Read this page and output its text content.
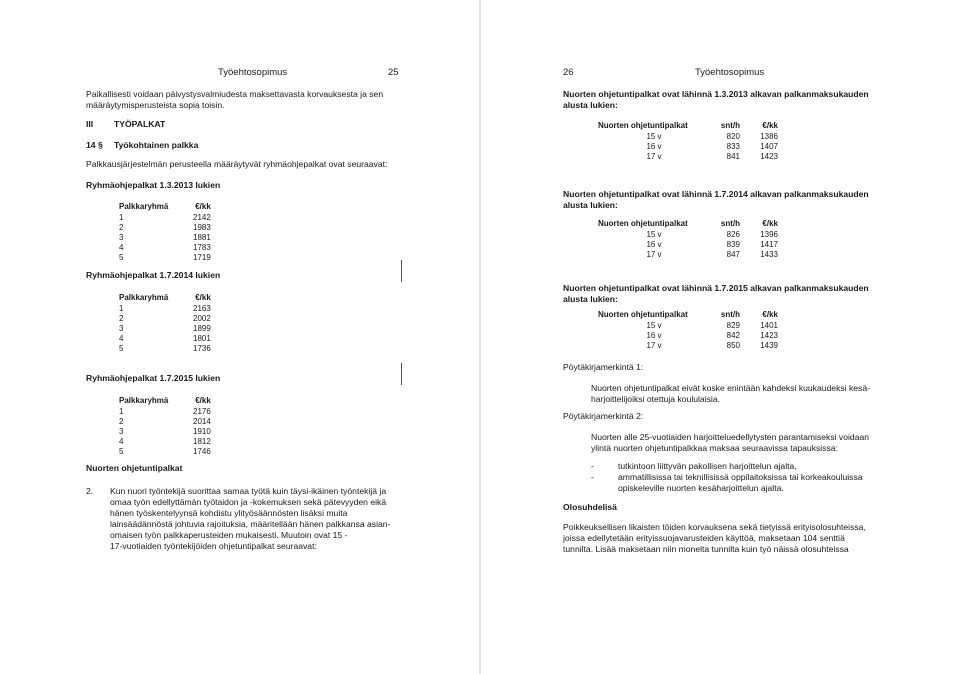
Työehtosopimus	25
Paikallisesti voidaan päivystysvalmiudesta maksettavasta korvauksesta ja sen
määräytymisperusteista sopia toisin.
III TYÖPALKAT
14 § Työkohtainen palkka
Palkkausjärjestelmän perusteella määräytyvät ryhmäohjepalkat ovat seuraavat:
Ryhmäohjepalkat 1.3.2013 lukien
Palkkaryhmä	€/kk
1	2142
2	1983
3	1881
4	1783
5	1719
Ryhmäohjepalkat 1.7.2014 lukien
Palkkaryhmä	€/kk
1	2163
2	2002
3	1899
4	1801
5	1736
Ryhmäohjepalkat 1.7.2015 lukien
Palkkaryhmä	€/kk
1	2176
2	2014
3	1910
4	1812
5	1746
Nuorten ohjetuntipalkat
2. Kun nuori työntekijä suorittaa samaa työtä kuin täysi-ikäinen työntekijä ja
omaa työn edellyttämän työtaidon ja -kokemuksen sekä pätevyyden eikä
hänen työskentelyynsä kohdistu ylityösäännösten lisäksi muita
lainsäädännöstä johtuvia rajoituksia, määritellään hänen palkkansa asian-
omaisen työn palkkaperusteiden mukaisesti. Muutoin ovat 15 -
17-vuotiaiden työntekijöiden ohjetuntipalkat seuraavat:
26	Työehtosopimus
Nuorten ohjetuntipalkat ovat lähinnä 1.3.2013 alkavan palkanmaksukauden
alusta lukien:
Nuorten ohjetuntipalkat	snt/h	€/kk
15 v	820	1386
16 v	833	1407
17 v	841	1423
Nuorten ohjetuntipalkat ovat lähinnä 1.7.2014 alkavan palkanmaksukauden
alusta lukien:
Nuorten ohjetuntipalkat	snt/h	€/kk
15 v	826	1396
16 v	839	1417
17 v	847	1433
Nuorten ohjetuntipalkat ovat lähinnä 1.7.2015 alkavan palkanmaksukauden
alusta lukien:
Nuorten ohjetuntipalkat	snt/h	€/kk
15 v	829	1401
16 v	842	1423
17 v	850	1439
Pöytäkirjamerkintä 1:
Nuorten ohjetuntipalkat eivät koske enintään kahdeksi kuukaudeksi kesä-
harjoittelijoiksi otettuja koululaisia.
Pöytäkirjamerkintä 2:
Nuorten alle 25-vuotiaiden harjoitteluedellytysten parantamiseksi voidaan
ylintä nuorten ohjetuntipalkkaa maksaa seuraavissa tapauksissa:
-	tutkintoon liittyvän pakollisen harjoittelun ajalta,
-	ammatillisissa tai teknillisissä oppilaitoksissa tai korkeakouluissa
opiskeleville nuorten kesäharjoittelun ajalta.
Olosuhdelisä
Poikkeuksellisen likaisten töiden korvauksena sekä tietyissä erityisolosuhteissa,
joissa edellytetään erityissuojavarusteiden käyttöä, maksetaan 104 senttiä
tunnilta. Lisää maksetaan niin monelta tunnilta kuin työ näissä olosuhteissa
